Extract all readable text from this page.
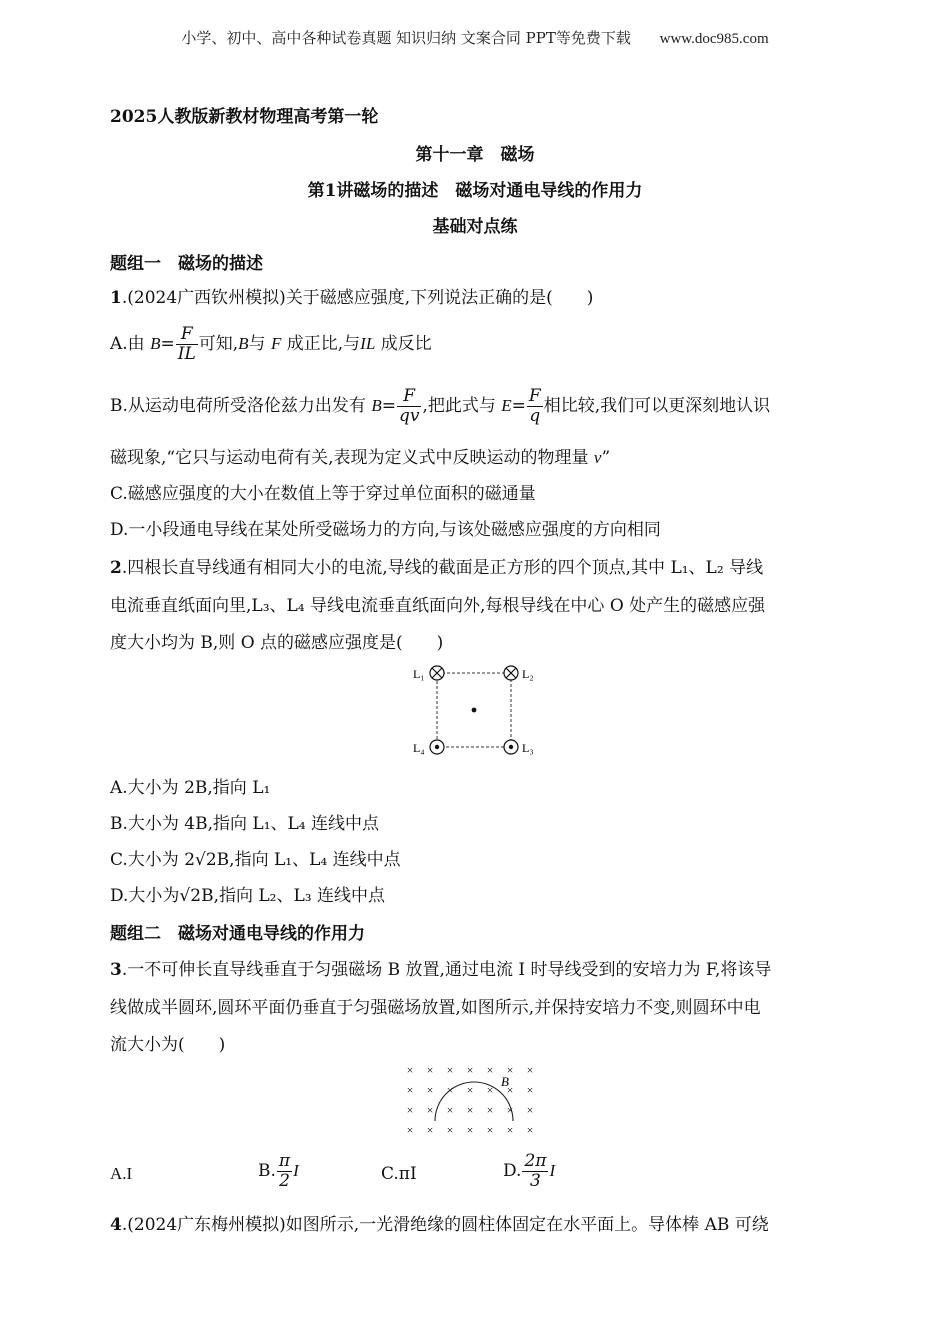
小学、初中、高中各种试卷真题 知识归纳 文案合同 PPT等免费下载 www.doc985.com
2025人教版新教材物理高考第一轮
第十一章　磁场
第1讲磁场的描述　磁场对通电导线的作用力
基础对点练
题组一　磁场的描述
1.(2024广西钦州模拟)关于磁感应强度,下列说法正确的是(　　)
A.由 $B= \frac{F}{IL}$ 可知,B与 F 成正比,与IL 成反比
B.从运动电荷所受洛伦兹力出发有 $B= \frac{F}{qv}$ ,把此式与 $E= \frac{F}{q}$ 相比较,我们可以更深刻地认识
磁现象,“它只与运动电荷有关,表现为定义式中反映运动的物理量 v”
C.磁感应强度的大小在数值上等于穿过单位面积的磁通量
D.一小段通电导线在某处所受磁场力的方向,与该处磁感应强度的方向相同
2.四根长直导线通有相同大小的电流,导线的截面是正方形的四个顶点,其中 L₁、L₂ 导线
电流垂直纸面向里,L₃、L₄ 导线电流垂直纸面向外,每根导线在中心 O 处产生的磁感应强
度大小均为 B,则 O 点的磁感应强度是(　　)
L₁	L₂
L₃
L₄
A.大小为 2B,指向 L₁
B.大小为 4B,指向 L₁、L₄ 连线中点
C.大小为 2√2B,指向 L₁、L₄ 连线中点
D.大小为√2B,指向 L₂、L₃ 连线中点
题组二　磁场对通电导线的作用力
3.一不可伸长直导线垂直于匀强磁场 B 放置,通过电流 I 时导线受到的安培力为 F,将该导
线做成半圆环,圆环平面仍垂直于匀强磁场放置,如图所示,并保持安培力不变,则圆环中电
流大小为(　　)
× × × × × × ×
× × × × × × ×
× × × × × × ×
× × × × × × ×
B
A.I	B. $\frac{\pi}{2}$ I	C.πI	D. $\frac{2\pi}{3}$ I
4.(2024广东梅州模拟)如图所示,一光滑绝缘的圆柱体固定在水平面上。导体棒 AB 可绕
